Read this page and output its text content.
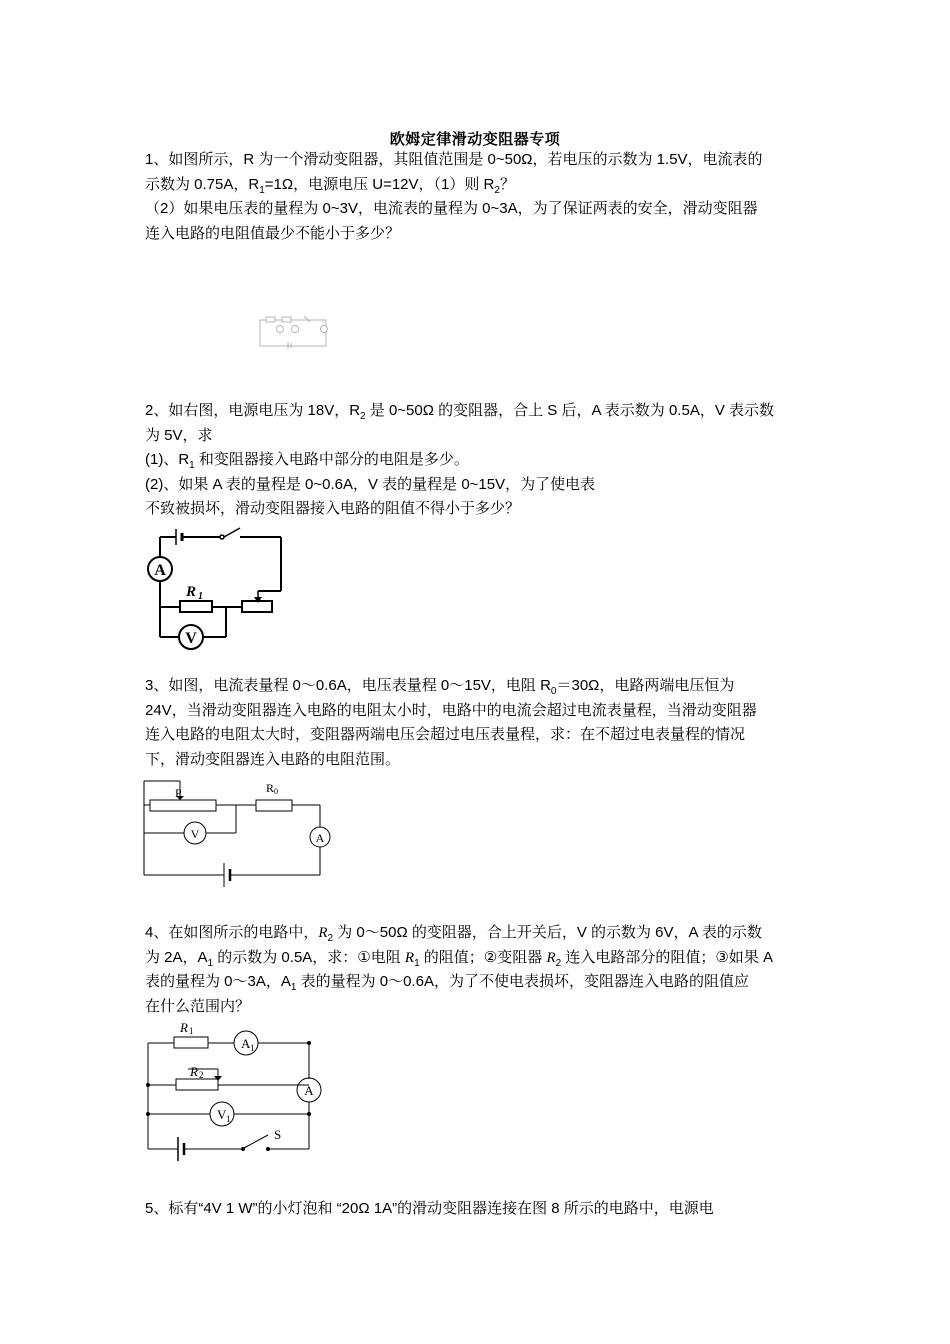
欧姆定律滑动变阻器专项

1、如图所示，R 为一个滑动变阻器，其阻值范围是 0~50Ω，若电压的示数为 1.5V，电流表的

示数为 0.75A，$R_1=1\Omega$，电源电压 U=12V，（1）则 $R_2$？

（2）如果电压表的量程为 0~3V，电流表的量程为 0~3A，为了保证两表的安全，滑动变阻器

连入电路的电阻值最少不能小于多少？

2、如右图，电源电压为 18V，$R_2$ 是 0~50Ω 的变阻器，合上 S 后，A 表示数为 0.5A，V 表示数

为 5V，求

(1)、$R_1$ 和变阻器接入电路中部分的电阻是多少。

(2)、如果 A 表的量程是 0~0.6A，V 表的量程是 0~15V，为了使电表

不致被损坏，滑动变阻器接入电路的阻值不得小于多少？

A
V
R 1

3、如图，电流表量程 0～0.6A，电压表量程 0～15V，电阻 $R_0=30\Omega$，电路两端电压恒为

24V，当滑动变阻器连入电路的电阻太小时，电路中的电流会超过电流表量程，当滑动变阻器

连入电路的电阻太大时，变阻器两端电压会超过电压表量程，求：在不超过电表量程的情况

下，滑动变阻器连入电路的电阻范围。

P	R 0
V	A

4、在如图所示的电路中，$R_2$ 为 0～50Ω 的变阻器，合上开关后，V 的示数为 6V，A 表的示数

为 2A，$A_1$ 的示数为 0.5A，求：①电阻 $R_1$ 的阻值；②变阻器 $R_2$ 连入电路部分的阻值；③如果 A

表的量程为 0～3A，$A_1$ 表的量程为 0～0.6A，为了不使电表损坏，变阻器连入电路的阻值应

在什么范围内？

R 1
A 1
R 2
A
V 1
S

5、标有“4V 1 W”的小灯泡和 “20Ω 1A”的滑动变阻器连接在图 8 所示的电路中，电源电
